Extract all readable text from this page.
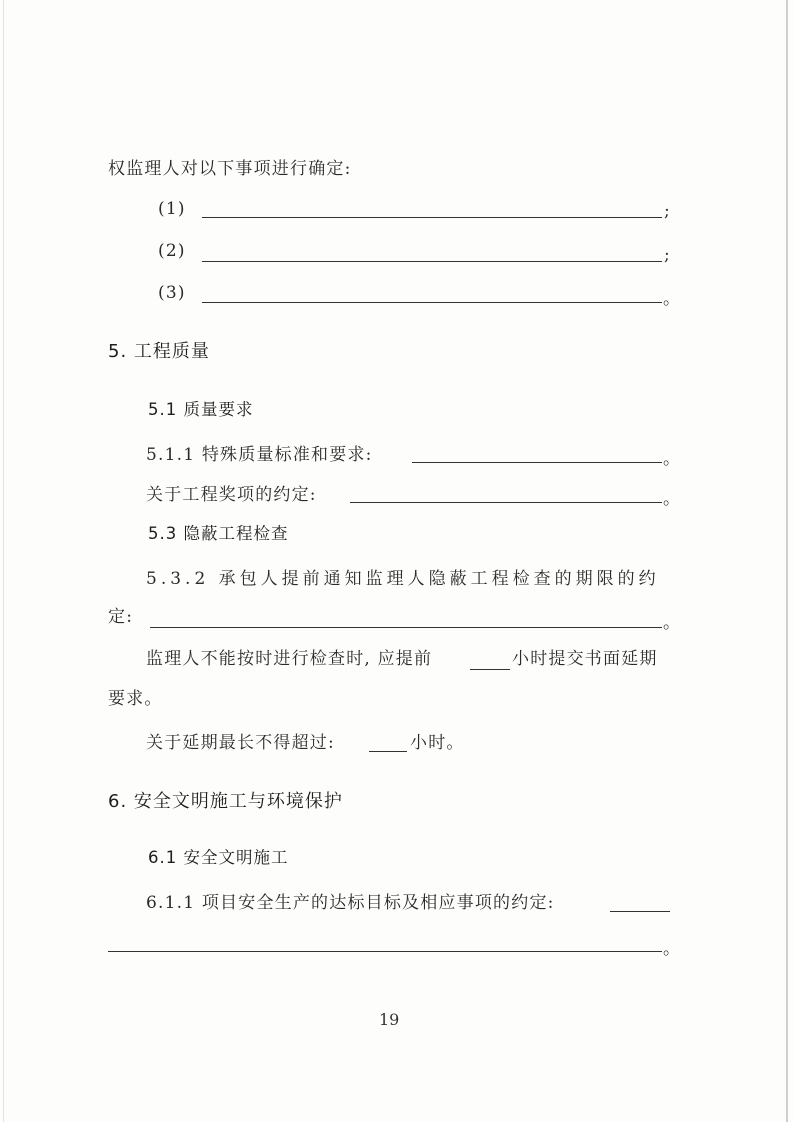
权监理人对以下事项进行确定:
(1)	;
(2)	;
(3)	。
5. 工程质量
5.1 质量要求
5.1.1 特殊质量标准和要求:	。
关于工程奖项的约定:	。
5.3 隐蔽工程检查
5.3.2 承包人提前通知监理人隐蔽工程检查的期限的约
定:	。
监理人不能按时进行检查时, 应提前	小时提交书面延期
要求。
关于延期最长不得超过:	小时。
6. 安全文明施工与环境保护
6.1 安全文明施工
6.1.1 项目安全生产的达标目标及相应事项的约定:
。
19
